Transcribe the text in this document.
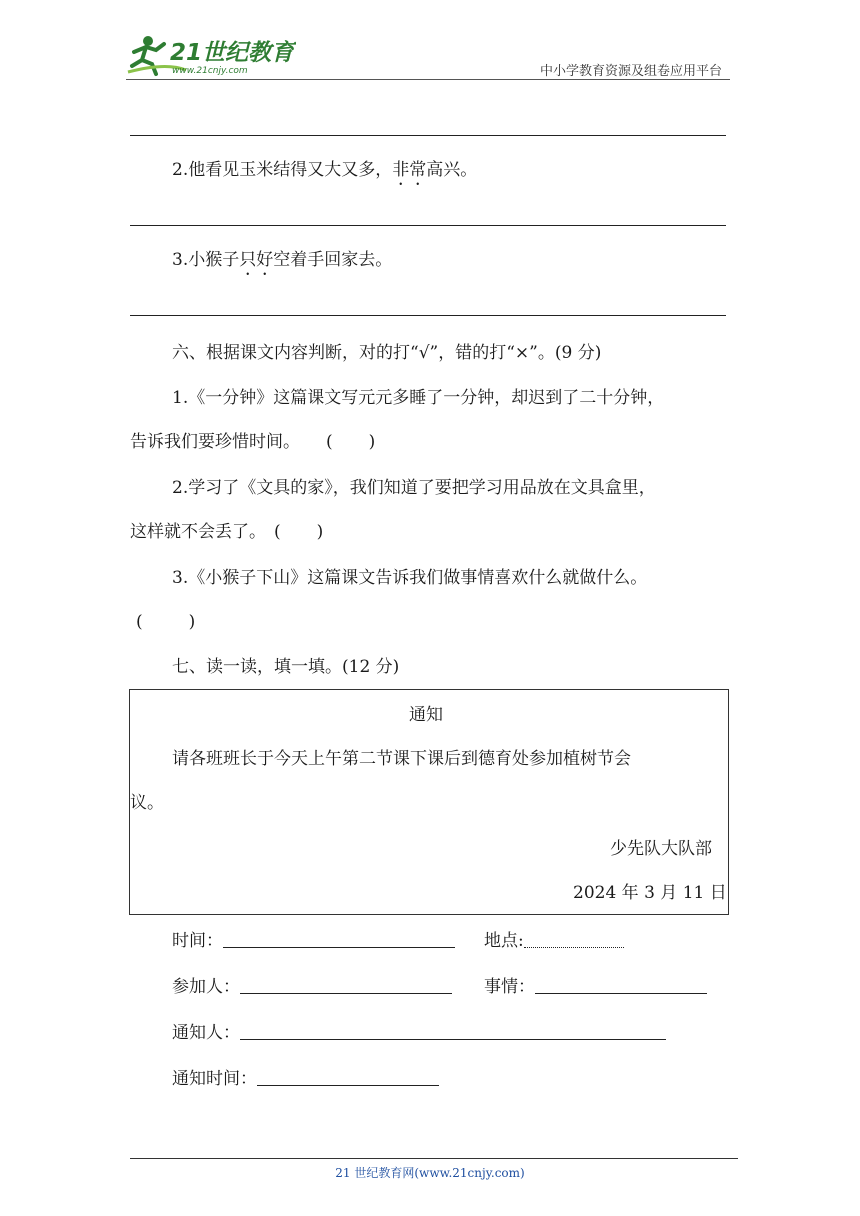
21世纪教育
www.21cnjy.com	中小学教育资源及组卷应用平台
2.他看见玉米结得又大又多，非常高兴。
3.小猴子只好空着手回家去。
六、根据课文内容判断，对的打“√”，错的打“×”。(9 分)
1.《一分钟》这篇课文写元元多睡了一分钟，却迟到了二十分钟，
告诉我们要珍惜时间。 ( )
2.学习了《文具的家》，我们知道了要把学习用品放在文具盒里，
这样就不会丢了。 ( )
3.《小猴子下山》这篇课文告诉我们做事情喜欢什么就做什么。
(	)
七、读一读，填一填。(12 分)
通知
请各班班长于今天上午第二节课下课后到德育处参加植树节会
议。
少先队大队部
2024 年 3 月 11 日
时间：	地点:
参加人：	事情：
通知人：
通知时间：
21 世纪教育网(www.21cnjy.com)
